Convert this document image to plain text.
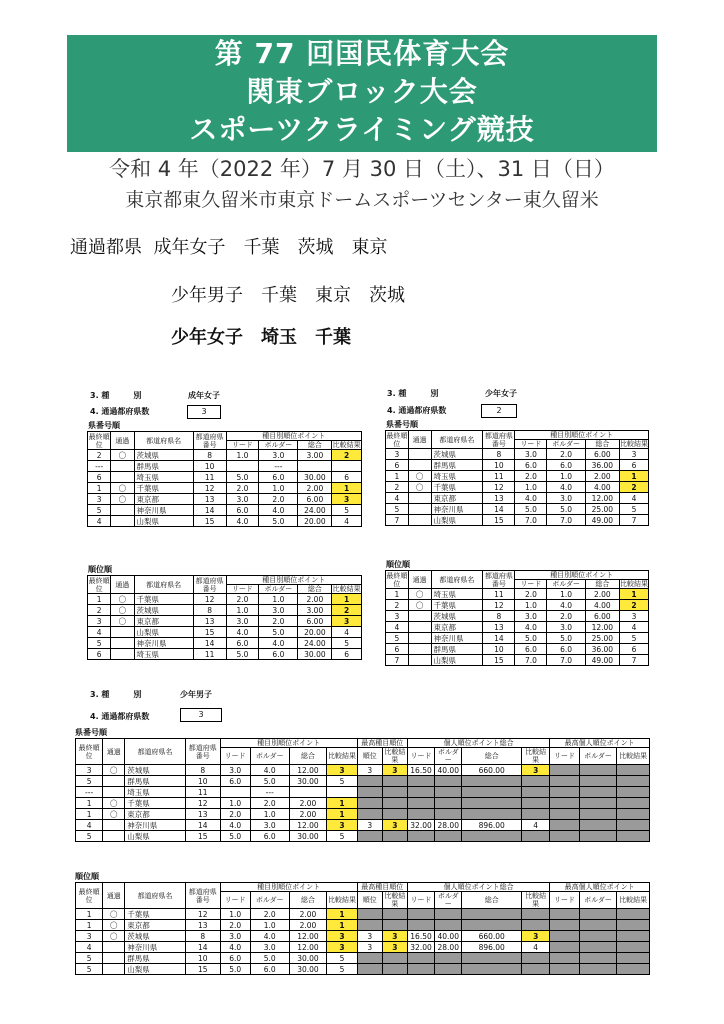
第 77 回国民体育大会
関東ブロック大会
スポーツクライミング競技
令和 4 年（2022 年）7 月 30 日（土）、31 日（日）
東京都東久留米市東京ドームスポーツセンター東久留米
通過都県 成年女子　 千葉　茨城　東京
少年男子　 千葉　東京　茨城
少年女子　 埼玉　千葉
3. 種　　　別	成年女子
4. 通過都府県数	3
県番号順
最終順位	通過	都道府県名	都道府県番号	種目別順位ポイント			
				リード	ボルダー	総合	比較結果
2	〇	茨城県	8	1.0	3.0	3.00	2
---		群馬県	10		---		
6		埼玉県	11	5.0	6.0	30.00	6
1	〇	千葉県	12	2.0	1.0	2.00	1
3	〇	東京都	13	3.0	2.0	6.00	3
5		神奈川県	14	6.0	4.0	24.00	5
4		山梨県	15	4.0	5.0	20.00	4
順位順
最終順位	通過	都道府県名	都道府県番号	種目別順位ポイント			
				リード	ボルダー	総合	比較結果
1	〇	千葉県	12	2.0	1.0	2.00	1
2	〇	茨城県	8	1.0	3.0	3.00	2
3	〇	東京都	13	3.0	2.0	6.00	3
4		山梨県	15	4.0	5.0	20.00	4
5		神奈川県	14	6.0	4.0	24.00	5
6		埼玉県	11	5.0	6.0	30.00	6
3. 種　　　別	少年女子
4. 通過都府県数	2
県番号順
最終順位	通過	都道府県名	都道府県番号	種目別順位ポイント			
				リード	ボルダー	総合	比較結果
3		茨城県	8	3.0	2.0	6.00	3
6		群馬県	10	6.0	6.0	36.00	6
1	〇	埼玉県	11	2.0	1.0	2.00	1
2	〇	千葉県	12	1.0	4.0	4.00	2
4		東京都	13	4.0	3.0	12.00	4
5		神奈川県	14	5.0	5.0	25.00	5
7		山梨県	15	7.0	7.0	49.00	7
順位順
最終順位	通過	都道府県名	都道府県番号	種目別順位ポイント			
				リード	ボルダー	総合	比較結果
1	〇	埼玉県	11	2.0	1.0	2.00	1
2	〇	千葉県	12	1.0	4.0	4.00	2
3		茨城県	8	3.0	2.0	6.00	3
4		東京都	13	4.0	3.0	12.00	4
5		神奈川県	14	5.0	5.0	25.00	5
6		群馬県	10	6.0	6.0	36.00	6
7		山梨県	15	7.0	7.0	49.00	7
3. 種　　　別	少年男子
4. 通過都府県数	3
県番号順
最終順位	通過	都道府県名	都道府県番号	種目別順位ポイント				最高種目順位		個人順位ポイント総合				最高個人順位ポイント		
				リード	ボルダー	総合	比較結果	順位	比較結果	リード	ボルダー	総合	比較結果	リード	ボルダー	比較結果
3	〇	茨城県	8	3.0	4.0	12.00	3	3	3	16.50	40.00	660.00	3			
5		群馬県	10	6.0	5.0	30.00	5									
---		埼玉県	11		---											
1	〇	千葉県	12	1.0	2.0	2.00	1									
1	〇	東京都	13	2.0	1.0	2.00	1									
4		神奈川県	14	4.0	3.0	12.00	3	3	3	32.00	28.00	896.00	4			
5		山梨県	15	5.0	6.0	30.00	5									
順位順
最終順位	通過	都道府県名	都道府県番号	種目別順位ポイント				最高種目順位		個人順位ポイント総合				最高個人順位ポイント		
				リード	ボルダー	総合	比較結果	順位	比較結果	リード	ボルダー	総合	比較結果	リード	ボルダー	比較結果
1	〇	千葉県	12	1.0	2.0	2.00	1									
1	〇	東京都	13	2.0	1.0	2.00	1									
3	〇	茨城県	8	3.0	4.0	12.00	3	3	3	16.50	40.00	660.00	3			
4		神奈川県	14	4.0	3.0	12.00	3	3	3	32.00	28.00	896.00	4			
5		群馬県	10	6.0	5.0	30.00	5									
5		山梨県	15	5.0	6.0	30.00	5									
